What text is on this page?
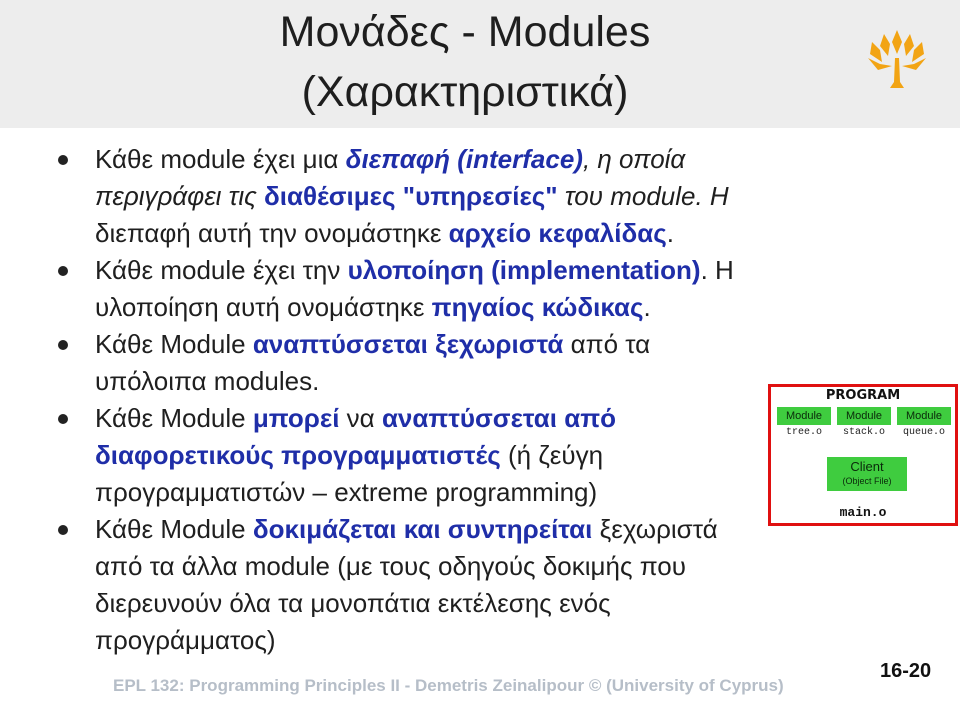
Μονάδες - Modules
(Χαρακτηριστικά)
Κάθε module έχει μια διεπαφή (interface), η οποία
περιγράφει τις διαθέσιμες "υπηρεσίες" του module. Η
διεπαφή αυτή την ονομάστηκε αρχείο κεφαλίδας.
Κάθε module έχει την υλοποίηση (implementation). Η
υλοποίηση αυτή ονομάστηκε πηγαίος κώδικας.
Κάθε Module αναπτύσσεται ξεχωριστά από τα
υπόλοιπα modules.
Κάθε Module μπορεί να αναπτύσσεται από
διαφορετικούς προγραμματιστές (ή ζεύγη
προγραμματιστών – extreme programming)
Κάθε Module δοκιμάζεται και συντηρείται ξεχωριστά
από τα άλλα module (με τους οδηγούς δοκιμής που
διερευνούν όλα τα μονοπάτια εκτέλεσης ενός
προγράμματος)
PROGRAM
Module	Module	Module
tree.o	stack.o	queue.o
Client
(Object File)
main.o
EPL 132: Programming Principles II - Demetris Zeinalipour © (University of Cyprus)
16-20
